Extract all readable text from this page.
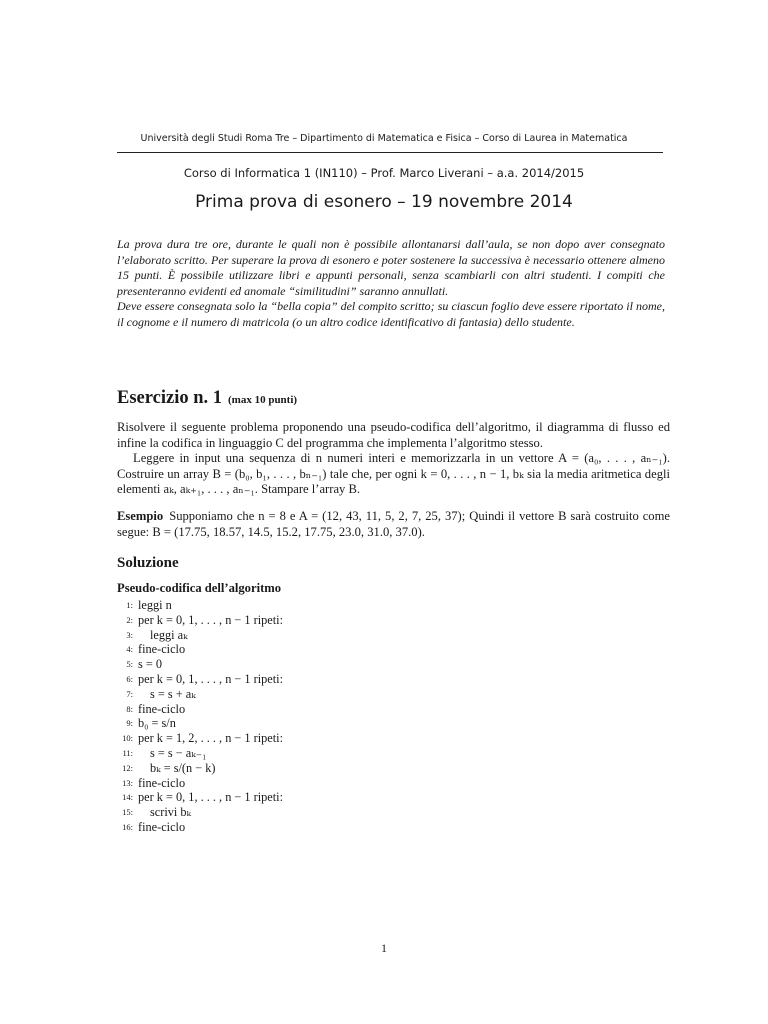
Università degli Studi Roma Tre – Dipartimento di Matematica e Fisica – Corso di Laurea in Matematica
Corso di Informatica 1 (IN110) – Prof. Marco Liverani – a.a. 2014/2015
Prima prova di esonero – 19 novembre 2014

La prova dura tre ore, durante le quali non è possibile allontanarsi dall’aula, se non dopo aver consegnato l’elaborato scritto. Per superare la prova di esonero e poter sostenere la successiva è necessario ottenere almeno 15 punti. È possibile utilizzare libri e appunti personali, senza scambiarli con altri studenti. I compiti che presenteranno evidenti ed anomale “similitudini” saranno annullati.

Deve essere consegnata solo la “bella copia” del compito scritto; su ciascun foglio deve essere riportato il nome, il cognome e il numero di matricola (o un altro codice identificativo di fantasia) dello studente.

Esercizio n. 1 (max 10 punti)

Risolvere il seguente problema proponendo una pseudo-codifica dell’algoritmo, il diagramma di flusso ed infine la codifica in linguaggio C del programma che implementa l’algoritmo stesso.

Leggere in input una sequenza di n numeri interi e memorizzarla in un vettore A = (a₀, . . . , aₙ₋₁). Costruire un array B = (b₀, b₁, . . . , bₙ₋₁) tale che, per ogni k = 0, . . . , n − 1, bₖ sia la media aritmetica degli elementi aₖ, aₖ₊₁, . . . , aₙ₋₁. Stampare l’array B.

Esempio Supponiamo che n = 8 e A = (12, 43, 11, 5, 2, 7, 25, 37); Quindi il vettore B sarà costruito come segue: B = (17.75, 18.57, 14.5, 15.2, 17.75, 23.0, 31.0, 37.0).
Soluzione
Pseudo-codifica dell’algoritmo
1: leggi n
2: per k = 0, 1, . . . , n − 1 ripeti:
3: leggi aₖ
4: fine-ciclo
5: s = 0
6: per k = 0, 1, . . . , n − 1 ripeti:
7: s = s + aₖ
8: fine-ciclo
9: b₀ = s/n
10: per k = 1, 2, . . . , n − 1 ripeti:
11: s = s − aₖ₋₁
12: bₖ = s/(n − k)
13: fine-ciclo
14: per k = 0, 1, . . . , n − 1 ripeti:
15: scrivi bₖ
16: fine-ciclo
1
